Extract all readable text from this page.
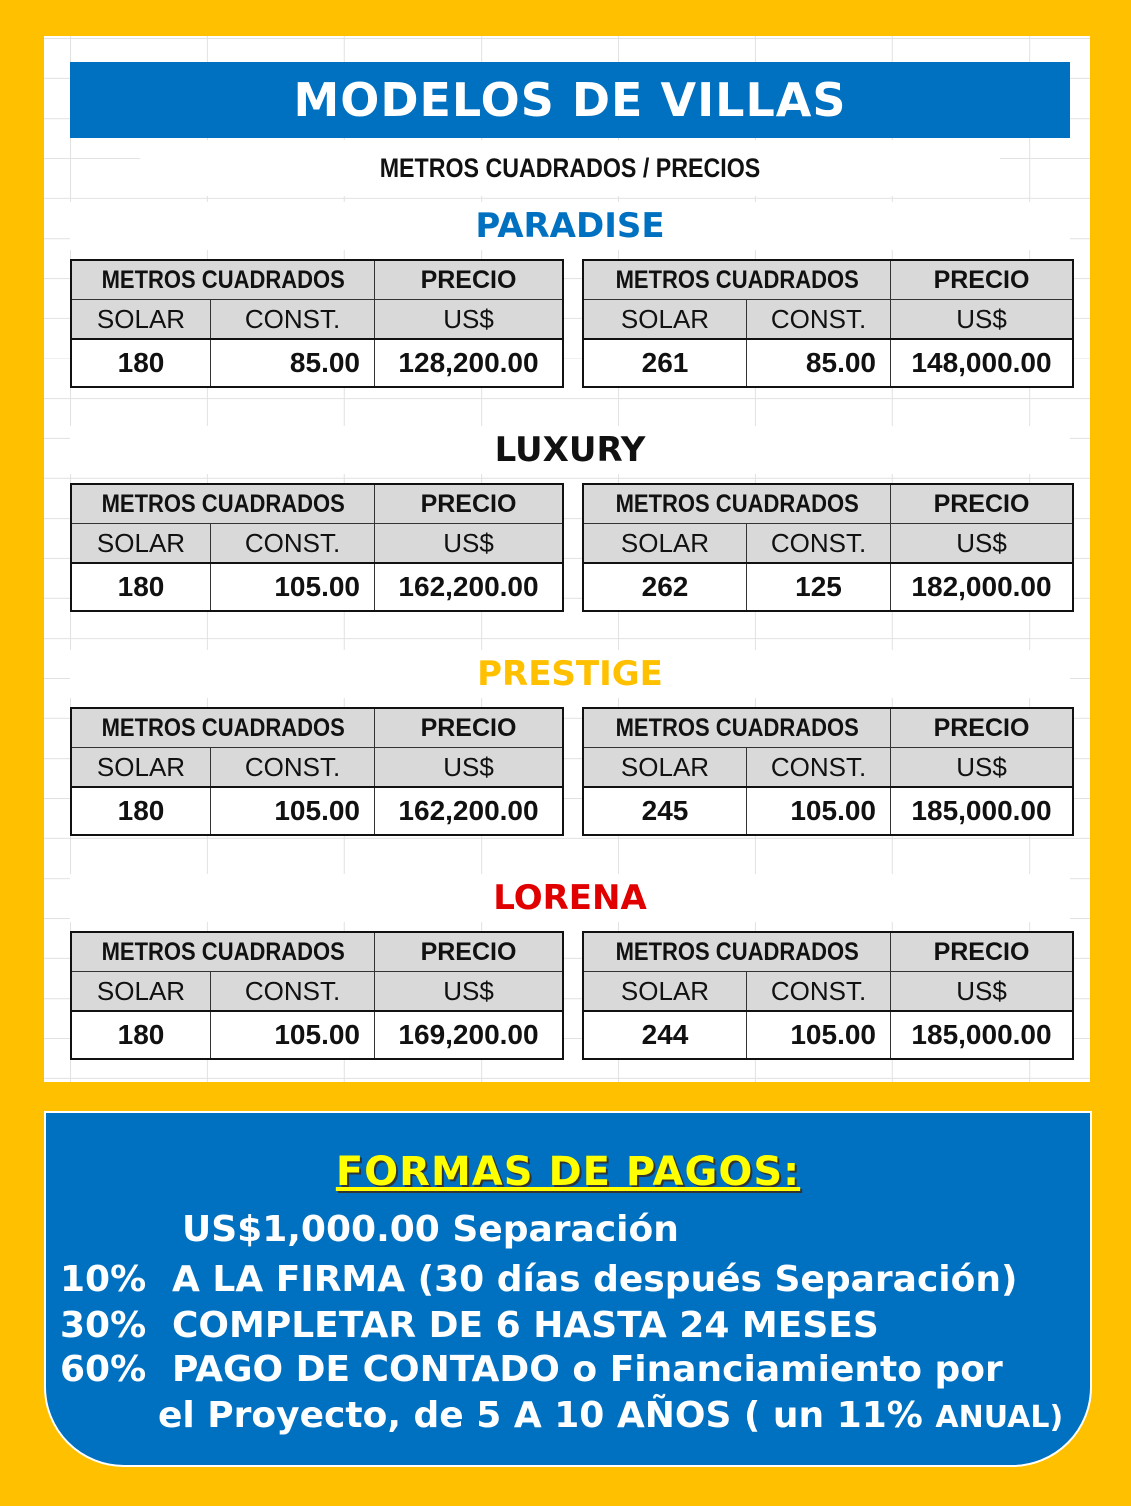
MODELOS DE VILLAS
METROS CUADRADOS / PRECIOS
PARADISE
METROS CUADRADOS		PRECIO
SOLAR	CONST.	US$
180	85.00	128,200.00
METROS CUADRADOS		PRECIO
SOLAR	CONST.	US$
261	85.00	148,000.00
LUXURY
METROS CUADRADOS		PRECIO
SOLAR	CONST.	US$
180	105.00	162,200.00
METROS CUADRADOS		PRECIO
SOLAR	CONST.	US$
262	125	182,000.00
PRESTIGE
METROS CUADRADOS		PRECIO
SOLAR	CONST.	US$
180	105.00	162,200.00
METROS CUADRADOS		PRECIO
SOLAR	CONST.	US$
245	105.00	185,000.00
LORENA
METROS CUADRADOS		PRECIO
SOLAR	CONST.	US$
180	105.00	169,200.00
METROS CUADRADOS		PRECIO
SOLAR	CONST.	US$
244	105.00	185,000.00
FORMAS DE PAGOS:
US$1,000.00 Separación
10% A LA FIRMA (30 días después Separación)
30% COMPLETAR DE 6 HASTA 24 MESES
60% PAGO DE CONTADO o Financiamiento por
el Proyecto, de 5 A 10 AÑOS ( un 11% ANUAL)
